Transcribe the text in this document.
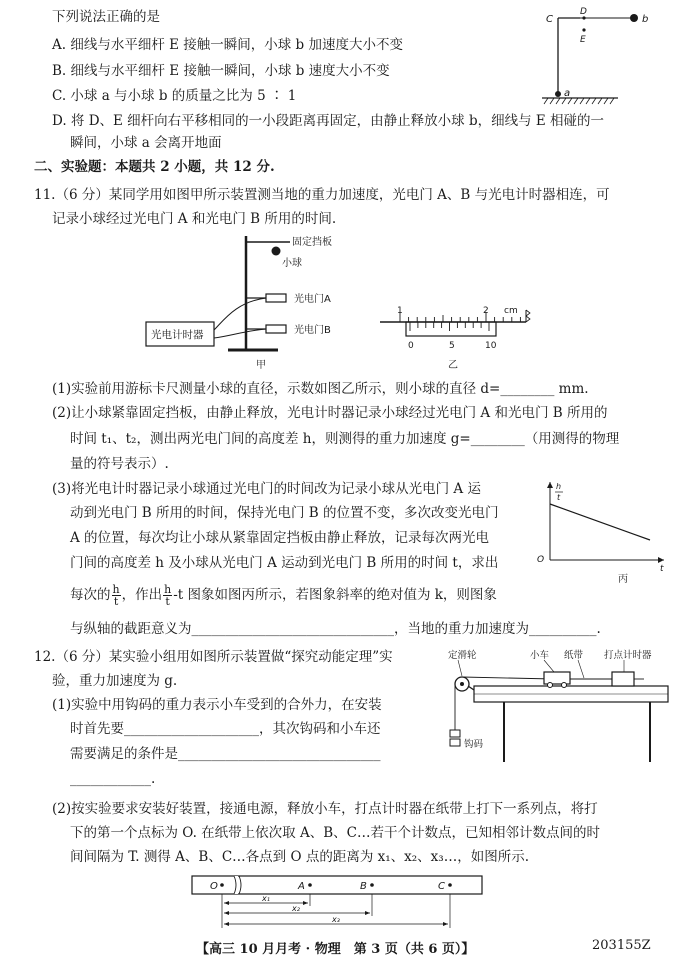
下列说法正确的是
A. 细线与水平细杆 E 接触一瞬间，小球 b 加速度大小不变
B. 细线与水平细杆 E 接触一瞬间，小球 b 速度大小不变
C. 小球 a 与小球 b 的质量之比为 5 ∶ 1
D. 将 D、E 细杆向右平移相同的一小段距离再固定，由静止释放小球 b，细线与 E 相碰的一
瞬间，小球 a 会离开地面
C
D
E
b
a
二、实验题：本题共 2 小题，共 12 分.
11.（6 分）某同学用如图甲所示装置测当地的重力加速度，光电门 A、B 与光电计时器相连，可
记录小球经过光电门 A 和光电门 B 所用的时间.
固定挡板
小球
光电门A
光电门B
光电计时器
甲
1	2 cm
0	5	10
乙
(1)实验前用游标卡尺测量小球的直径，示数如图乙所示，则小球的直径 d=________ mm.
(2)让小球紧靠固定挡板，由静止释放，光电计时器记录小球经过光电门 A 和光电门 B 所用的
时间 t₁、t₂，测出两光电门间的高度差 h，则测得的重力加速度 g=________（用测得的物理
量的符号表示）.
(3)将光电计时器记录小球通过光电门的时间改为记录小球从光电门 A 运
动到光电门 B 所用的时间，保持光电门 B 的位置不变，多次改变光电门
A 的位置，每次均让小球从紧靠固定挡板由静止释放，记录每次两光电
门间的高度差 h 及小球从光电门 A 运动到光电门 B 所用的时间 t，求出
每次的 $\frac{h}{t}$ ，作出 $\frac{h}{t} -t$ 图象如图丙所示，若图象斜率的绝对值为 k，则图象
与纵轴的截距意义为______________________________，当地的重力加速度为__________.
h
t
O
t
丙
12.（6 分）某实验小组用如图所示装置做“探究动能定理”实
验，重力加速度为 g.
(1)实验中用钩码的重力表示小车受到的合外力，在安装
时首先要____________________，其次钩码和小车还
需要满足的条件是______________________________
____________.
钩码
定滑轮	小车 纸带 打点计时器
(2)按实验要求安装好装置，接通电源，释放小车，打点计时器在纸带上打下一系列点，将打
下的第一个点标为 O. 在纸带上依次取 A、B、C…若干个计数点，已知相邻计数点间的时
间间隔为 T. 测得 A、B、C…各点到 O 点的距离为 x₁、x₂、x₃…，如图所示.
O	A	B	C
x₁
x₂
x₃
【高三 10 月月考 · 物理　第 3 页（共 6 页）】	203155Z
